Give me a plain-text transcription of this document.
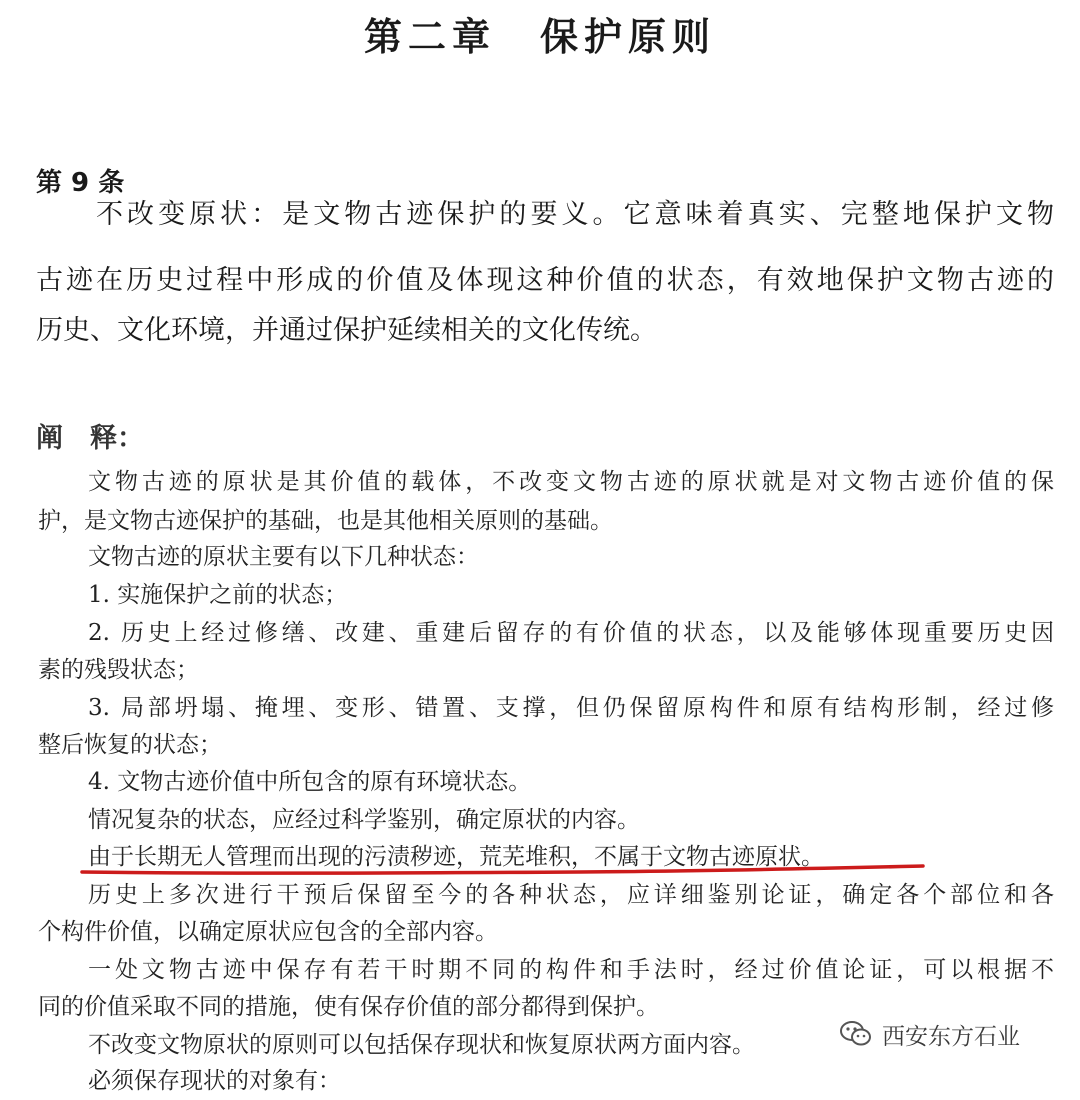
第二章　保护原则
第 9 条
不改变原状：是文物古迹保护的要义。它意味着真实、完整地保护文物
古迹在历史过程中形成的价值及体现这种价值的状态，有效地保护文物古迹的
历史、文化环境，并通过保护延续相关的文化传统。
阐　释：
文物古迹的原状是其价值的载体，不改变文物古迹的原状就是对文物古迹价值的保
护，是文物古迹保护的基础，也是其他相关原则的基础。
文物古迹的原状主要有以下几种状态：
1. 实施保护之前的状态；
2. 历史上经过修缮、改建、重建后留存的有价值的状态，以及能够体现重要历史因
素的残毁状态；
3. 局部坍塌、掩埋、变形、错置、支撑，但仍保留原构件和原有结构形制，经过修
整后恢复的状态；
4. 文物古迹价值中所包含的原有环境状态。
情况复杂的状态，应经过科学鉴别，确定原状的内容。
由于长期无人管理而出现的污渍秽迹，荒芜堆积，不属于文物古迹原状。
历史上多次进行干预后保留至今的各种状态，应详细鉴别论证，确定各个部位和各
个构件价值，以确定原状应包含的全部内容。
一处文物古迹中保存有若干时期不同的构件和手法时，经过价值论证，可以根据不
同的价值采取不同的措施，使有保存价值的部分都得到保护。
不改变文物原状的原则可以包括保存现状和恢复原状两方面内容。
必须保存现状的对象有：
西安东方石业
